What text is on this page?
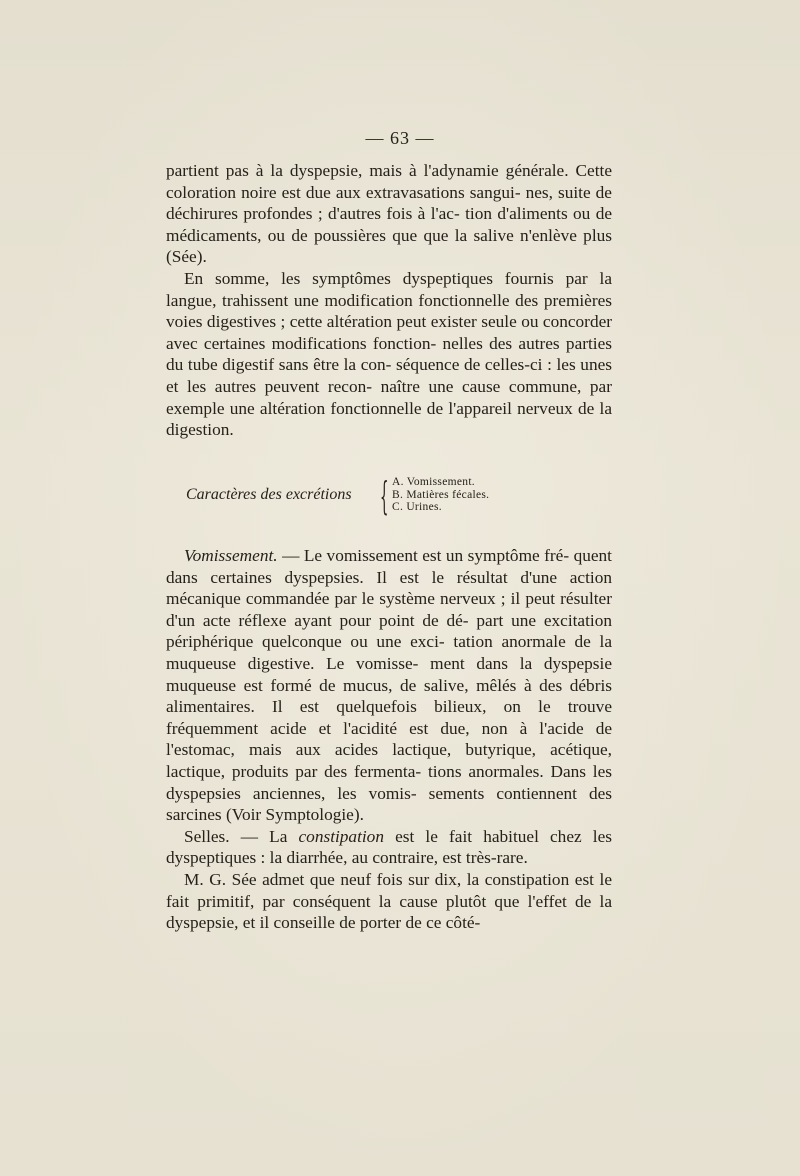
— 63 —

partient pas à la dyspepsie, mais à l'adynamie générale. Cette coloration noire est due aux extravasations sangui- nes, suite de déchirures profondes ; d'autres fois à l'ac- tion d'aliments ou de médicaments, ou de poussières que que la salive n'enlève plus (Sée).

En somme, les symptômes dyspeptiques fournis par la langue, trahissent une modification fonctionnelle des premières voies digestives ; cette altération peut exister seule ou concorder avec certaines modifications fonction- nelles des autres parties du tube digestif sans être la con- séquence de celles-ci : les unes et les autres peuvent recon- naître une cause commune, par exemple une altération fonctionnelle de l'appareil nerveux de la digestion.

Caractères des excrétions { A. Vomissement.
B. Matières fécales.
C. Urines.

Vomissement. — Le vomissement est un symptôme fré- quent dans certaines dyspepsies. Il est le résultat d'une action mécanique commandée par le système nerveux ; il peut résulter d'un acte réflexe ayant pour point de dé- part une excitation périphérique quelconque ou une exci- tation anormale de la muqueuse digestive. Le vomisse- ment dans la dyspepsie muqueuse est formé de mucus, de salive, mêlés à des débris alimentaires. Il est quelquefois bilieux, on le trouve fréquemment acide et l'acidité est due, non à l'acide de l'estomac, mais aux acides lactique, butyrique, acétique, lactique, produits par des fermenta- tions anormales. Dans les dyspepsies anciennes, les vomis- sements contiennent des sarcines (Voir Symptologie).

Selles. — La constipation est le fait habituel chez les dyspeptiques : la diarrhée, au contraire, est très-rare.

M. G. Sée admet que neuf fois sur dix, la constipation est le fait primitif, par conséquent la cause plutôt que l'effet de la dyspepsie, et il conseille de porter de ce côté-
